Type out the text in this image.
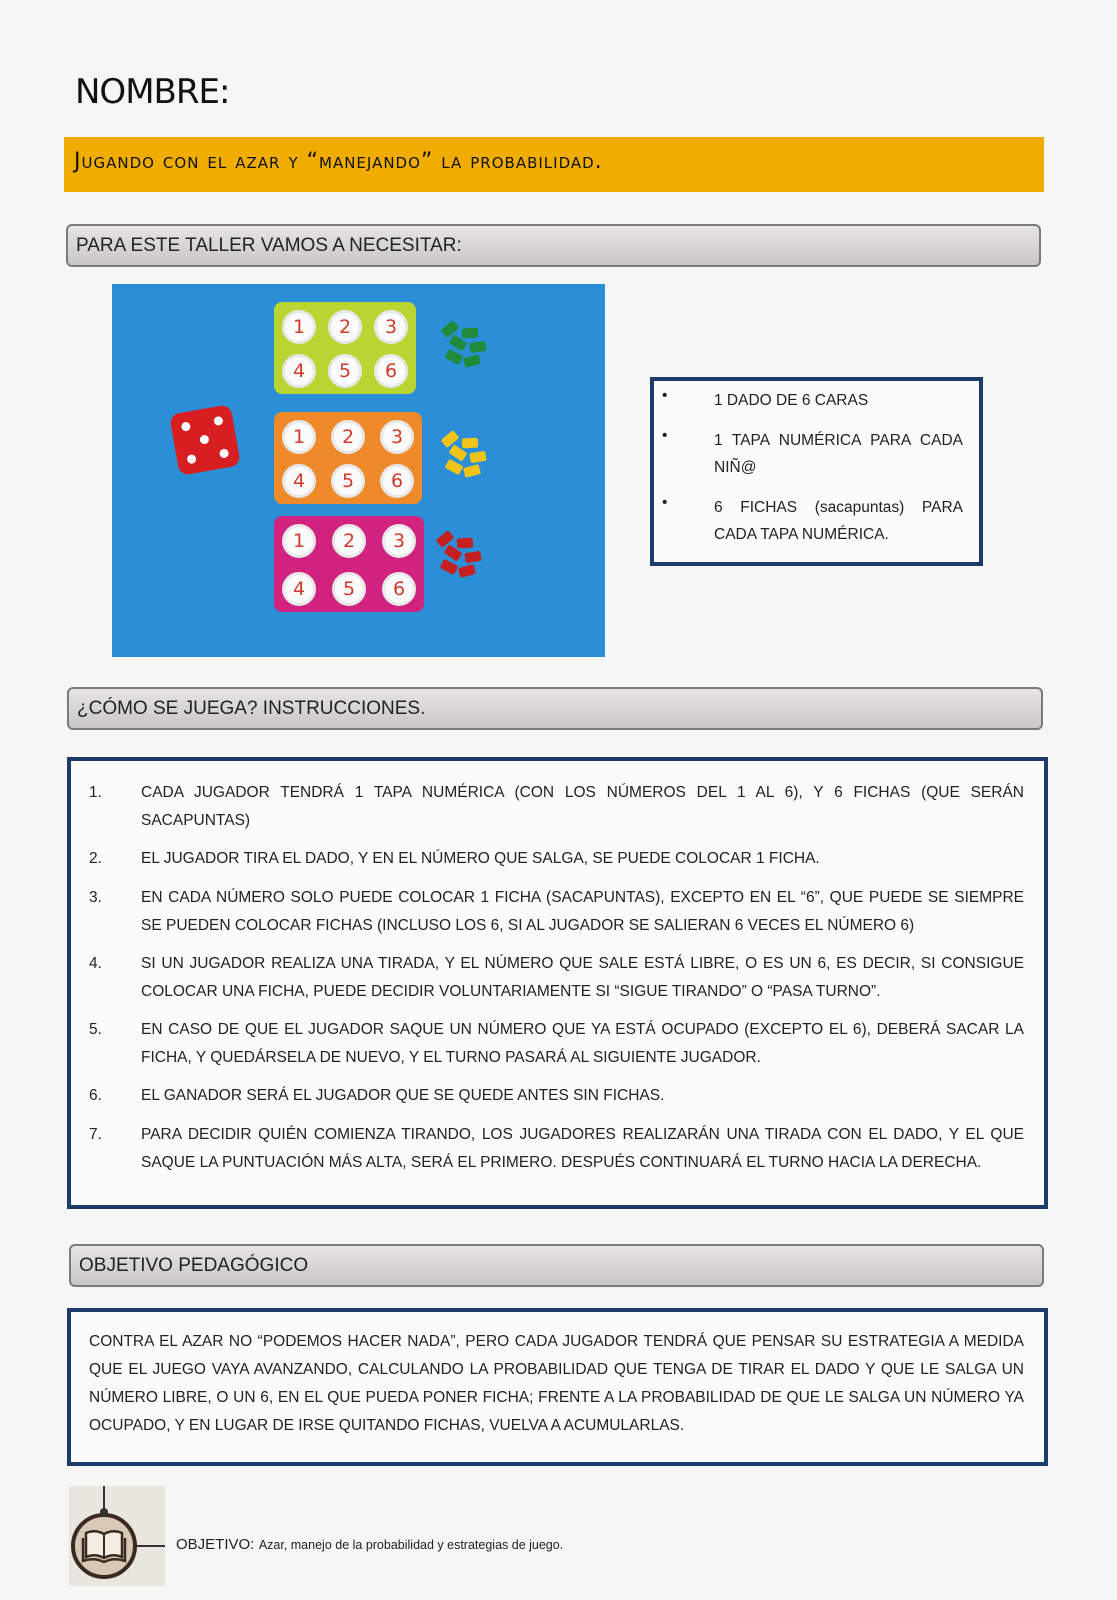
NOMBRE:
Jugando con el azar y “manejando” la probabilidad.
PARA ESTE TALLER VAMOS A NECESITAR:
1	2	3
4	5	6
1	2	3
4	5	6
1	2	3
4	5	6
•	1 DADO DE 6 CARAS
•	1 TAPA NUMÉRICA PARA CADA NIÑ@
•	6 FICHAS (sacapuntas) PARA CADA TAPA NUMÉRICA.
¿CÓMO SE JUEGA? INSTRUCCIONES.
1.	CADA JUGADOR TENDRÁ 1 TAPA NUMÉRICA (CON LOS NÚMEROS DEL 1 AL 6), Y 6 FICHAS (QUE SERÁN SACAPUNTAS)
2.	EL JUGADOR TIRA EL DADO, Y EN EL NÚMERO QUE SALGA, SE PUEDE COLOCAR 1 FICHA.
3.	EN CADA NÚMERO SOLO PUEDE COLOCAR 1 FICHA (SACAPUNTAS), EXCEPTO EN EL “6”, QUE PUEDE SE SIEMPRE SE PUEDEN COLOCAR FICHAS (INCLUSO LOS 6, SI AL JUGADOR SE SALIERAN 6 VECES EL NÚMERO 6)
4.	SI UN JUGADOR REALIZA UNA TIRADA, Y EL NÚMERO QUE SALE ESTÁ LIBRE, O ES UN 6, ES DECIR, SI CONSIGUE COLOCAR UNA FICHA, PUEDE DECIDIR VOLUNTARIAMENTE SI “SIGUE TIRANDO” O “PASA TURNO”.
5.	EN CASO DE QUE EL JUGADOR SAQUE UN NÚMERO QUE YA ESTÁ OCUPADO (EXCEPTO EL 6), DEBERÁ SACAR LA FICHA, Y QUEDÁRSELA DE NUEVO, Y EL TURNO PASARÁ AL SIGUIENTE JUGADOR.
6.	EL GANADOR SERÁ EL JUGADOR QUE SE QUEDE ANTES SIN FICHAS.
7.	PARA DECIDIR QUIÉN COMIENZA TIRANDO, LOS JUGADORES REALIZARÁN UNA TIRADA CON EL DADO, Y EL QUE SAQUE LA PUNTUACIÓN MÁS ALTA, SERÁ EL PRIMERO. DESPUÉS CONTINUARÁ EL TURNO HACIA LA DERECHA.
OBJETIVO PEDAGÓGICO
CONTRA EL AZAR NO “PODEMOS HACER NADA”, PERO CADA JUGADOR TENDRÁ QUE PENSAR SU ESTRATEGIA A MEDIDA QUE EL JUEGO VAYA AVANZANDO, CALCULANDO LA PROBABILIDAD QUE TENGA DE TIRAR EL DADO Y QUE LE SALGA UN NÚMERO LIBRE, O UN 6, EN EL QUE PUEDA PONER FICHA; FRENTE A LA PROBABILIDAD DE QUE LE SALGA UN NÚMERO YA OCUPADO, Y EN LUGAR DE IRSE QUITANDO FICHAS, VUELVA A ACUMULARLAS.
OBJETIVO: Azar, manejo de la probabilidad y estrategias de juego.
